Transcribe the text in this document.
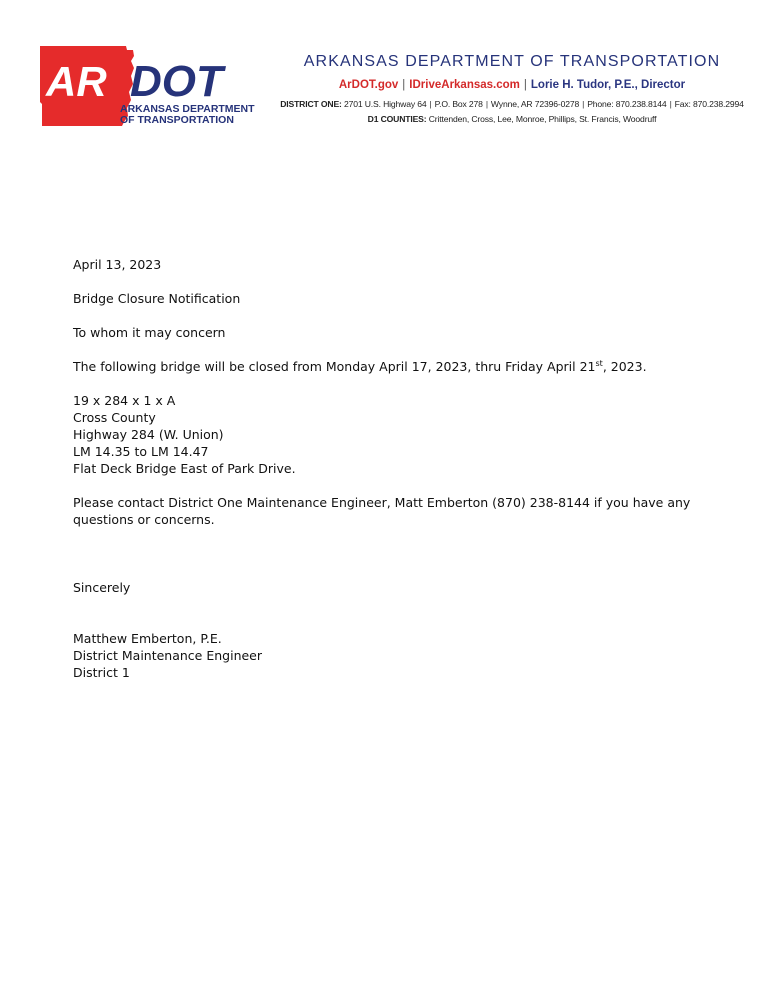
AR DOT
ARKANSAS DEPARTMENT
OF TRANSPORTATION
ARKANSAS DEPARTMENT OF TRANSPORTATION
ArDOT.gov | IDriveArkansas.com | Lorie H. Tudor, P.E., Director
DISTRICT ONE: 2701 U.S. Highway 64 | P.O. Box 278 | Wynne, AR 72396-0278 | Phone: 870.238.8144 | Fax: 870.238.2994
D1 COUNTIES: Crittenden, Cross, Lee, Monroe, Phillips, St. Francis, Woodruff

April 13, 2023

Bridge Closure Notification

To whom it may concern

The following bridge will be closed from Monday April 17, 2023, thru Friday April 21st, 2023.

19 x 284 x 1 x A

Cross County

Highway 284 (W. Union)

LM 14.35 to LM 14.47

Flat Deck Bridge East of Park Drive.

Please contact District One Maintenance Engineer, Matt Emberton (870) 238-8144 if you have any questions or concerns.

Sincerely

Matthew Emberton, P.E.

District Maintenance Engineer

District 1
